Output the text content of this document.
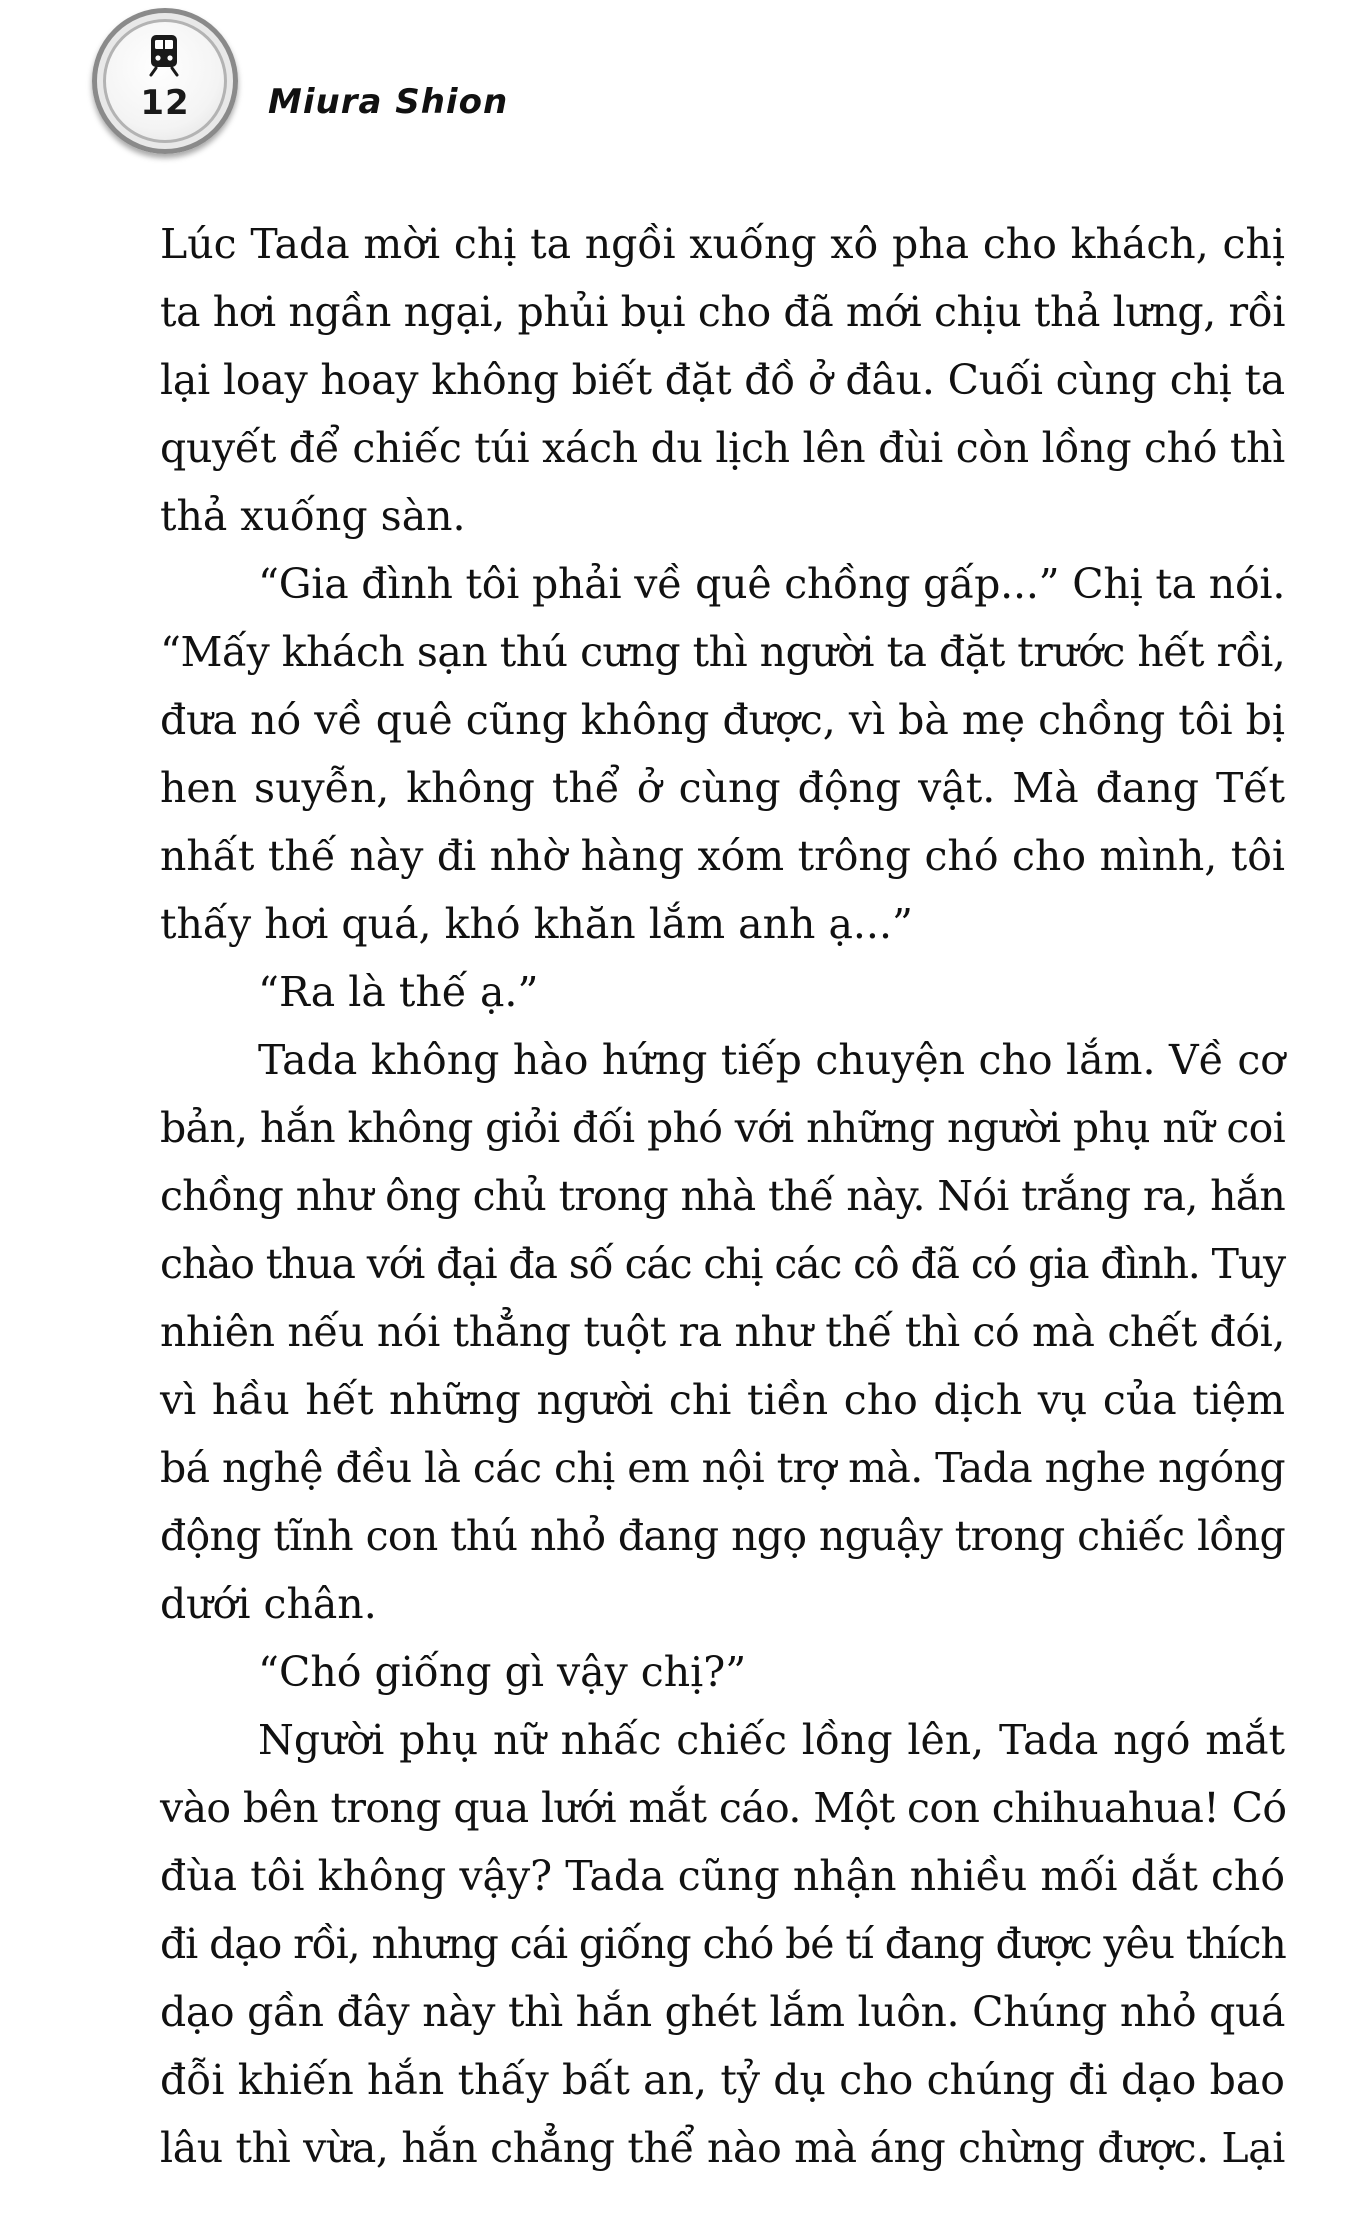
12	Miura Shion
Lúc Tada mời chị ta ngồi xuống xô pha cho khách, chị
ta hơi ngần ngại, phủi bụi cho đã mới chịu thả lưng, rồi
lại loay hoay không biết đặt đồ ở đâu. Cuối cùng chị ta
quyết để chiếc túi xách du lịch lên đùi còn lồng chó thì
thả xuống sàn.
“Gia đình tôi phải về quê chồng gấp...” Chị ta nói.
“Mấy khách sạn thú cưng thì người ta đặt trước hết rồi,
đưa nó về quê cũng không được, vì bà mẹ chồng tôi bị
hen suyễn, không thể ở cùng động vật. Mà đang Tết
nhất thế này đi nhờ hàng xóm trông chó cho mình, tôi
thấy hơi quá, khó khăn lắm anh ạ...”
“Ra là thế ạ.”
Tada không hào hứng tiếp chuyện cho lắm. Về cơ
bản, hắn không giỏi đối phó với những người phụ nữ coi
chồng như ông chủ trong nhà thế này. Nói trắng ra, hắn
chào thua với đại đa số các chị các cô đã có gia đình. Tuy
nhiên nếu nói thẳng tuột ra như thế thì có mà chết đói,
vì hầu hết những người chi tiền cho dịch vụ của tiệm
bá nghệ đều là các chị em nội trợ mà. Tada nghe ngóng
động tĩnh con thú nhỏ đang ngọ nguậy trong chiếc lồng
dưới chân.
“Chó giống gì vậy chị?”
Người phụ nữ nhấc chiếc lồng lên, Tada ngó mắt
vào bên trong qua lưới mắt cáo. Một con chihuahua! Có
đùa tôi không vậy? Tada cũng nhận nhiều mối dắt chó
đi dạo rồi, nhưng cái giống chó bé tí đang được yêu thích
dạo gần đây này thì hắn ghét lắm luôn. Chúng nhỏ quá
đỗi khiến hắn thấy bất an, tỷ dụ cho chúng đi dạo bao
lâu thì vừa, hắn chẳng thể nào mà áng chừng được. Lại
